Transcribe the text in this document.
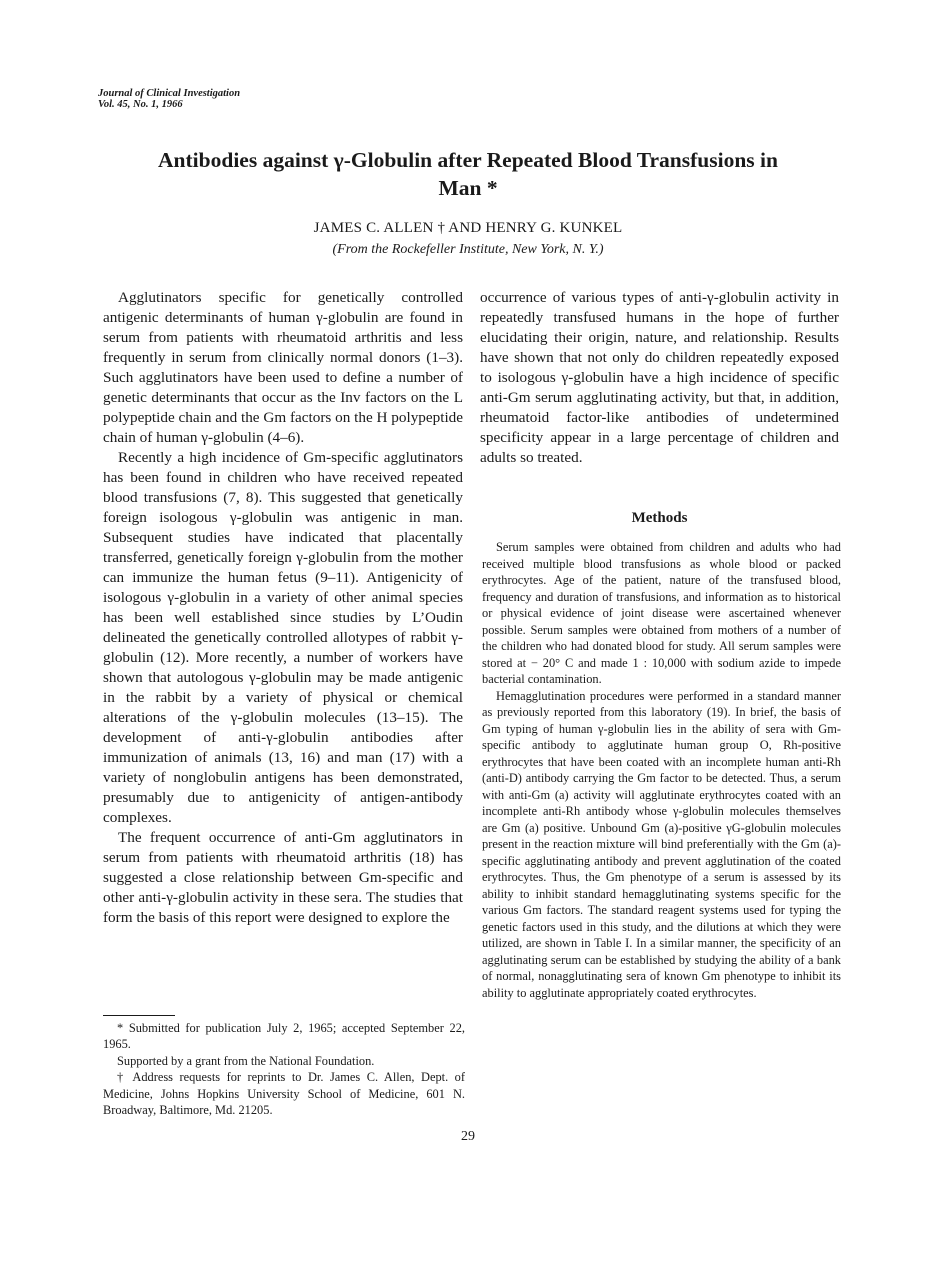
Journal of Clinical Investigation
Vol. 45, No. 1, 1966
Antibodies against γ-Globulin after Repeated Blood Transfusions in Man *
JAMES C. ALLEN † AND HENRY G. KUNKEL
(From the Rockefeller Institute, New York, N. Y.)

Agglutinators specific for genetically controlled antigenic determinants of human γ-globulin are found in serum from patients with rheumatoid arthritis and less frequently in serum from clinically normal donors (1–3). Such agglutinators have been used to define a number of genetic determinants that occur as the Inv factors on the L polypeptide chain and the Gm factors on the H polypeptide chain of human γ-globulin (4–6).

Recently a high incidence of Gm-specific agglutinators has been found in children who have received repeated blood transfusions (7, 8). This suggested that genetically foreign isologous γ-globulin was antigenic in man. Subsequent studies have indicated that placentally transferred, genetically foreign γ-globulin from the mother can immunize the human fetus (9–11). Antigenicity of isologous γ-globulin in a variety of other animal species has been well established since studies by L’Oudin delineated the genetically controlled allotypes of rabbit γ-globulin (12). More recently, a number of workers have shown that autologous γ-globulin may be made antigenic in the rabbit by a variety of physical or chemical alterations of the γ-globulin molecules (13–15). The development of anti-γ-globulin antibodies after immunization of animals (13, 16) and man (17) with a variety of nonglobulin antigens has been demonstrated, presumably due to antigenicity of antigen-antibody complexes.

The frequent occurrence of anti-Gm agglutinators in serum from patients with rheumatoid arthritis (18) has suggested a close relationship between Gm-specific and other anti-γ-globulin activity in these sera. The studies that form the basis of this report were designed to explore the

* Submitted for publication July 2, 1965; accepted September 22, 1965.

Supported by a grant from the National Foundation.

† Address requests for reprints to Dr. James C. Allen, Dept. of Medicine, Johns Hopkins University School of Medicine, 601 N. Broadway, Baltimore, Md. 21205.

occurrence of various types of anti-γ-globulin activity in repeatedly transfused humans in the hope of further elucidating their origin, nature, and relationship. Results have shown that not only do children repeatedly exposed to isologous γ-globulin have a high incidence of specific anti-Gm serum agglutinating activity, but that, in addition, rheumatoid factor-like antibodies of undetermined specificity appear in a large percentage of children and adults so treated.

Methods

Serum samples were obtained from children and adults who had received multiple blood transfusions as whole blood or packed erythrocytes. Age of the patient, nature of the transfused blood, frequency and duration of transfusions, and information as to historical or physical evidence of joint disease were ascertained whenever possible. Serum samples were obtained from mothers of a number of the children who had donated blood for study. All serum samples were stored at − 20° C and made 1 : 10,000 with sodium azide to impede bacterial contamination.

Hemagglutination procedures were performed in a standard manner as previously reported from this laboratory (19). In brief, the basis of Gm typing of human γ-globulin lies in the ability of sera with Gm-specific antibody to agglutinate human group O, Rh-positive erythrocytes that have been coated with an incomplete human anti-Rh (anti-D) antibody carrying the Gm factor to be detected. Thus, a serum with anti-Gm (a) activity will agglutinate erythrocytes coated with an incomplete anti-Rh antibody whose γ-globulin molecules themselves are Gm (a) positive. Unbound Gm (a)-positive γG-globulin molecules present in the reaction mixture will bind preferentially with the Gm (a)-specific agglutinating antibody and prevent agglutination of the coated erythrocytes. Thus, the Gm phenotype of a serum is assessed by its ability to inhibit standard hemagglutinating systems specific for the various Gm factors. The standard reagent systems used for typing the genetic factors used in this study, and the dilutions at which they were utilized, are shown in Table I. In a similar manner, the specificity of an agglutinating serum can be established by studying the ability of a bank of normal, nonagglutinating sera of known Gm phenotype to inhibit its ability to agglutinate appropriately coated erythrocytes.

29
